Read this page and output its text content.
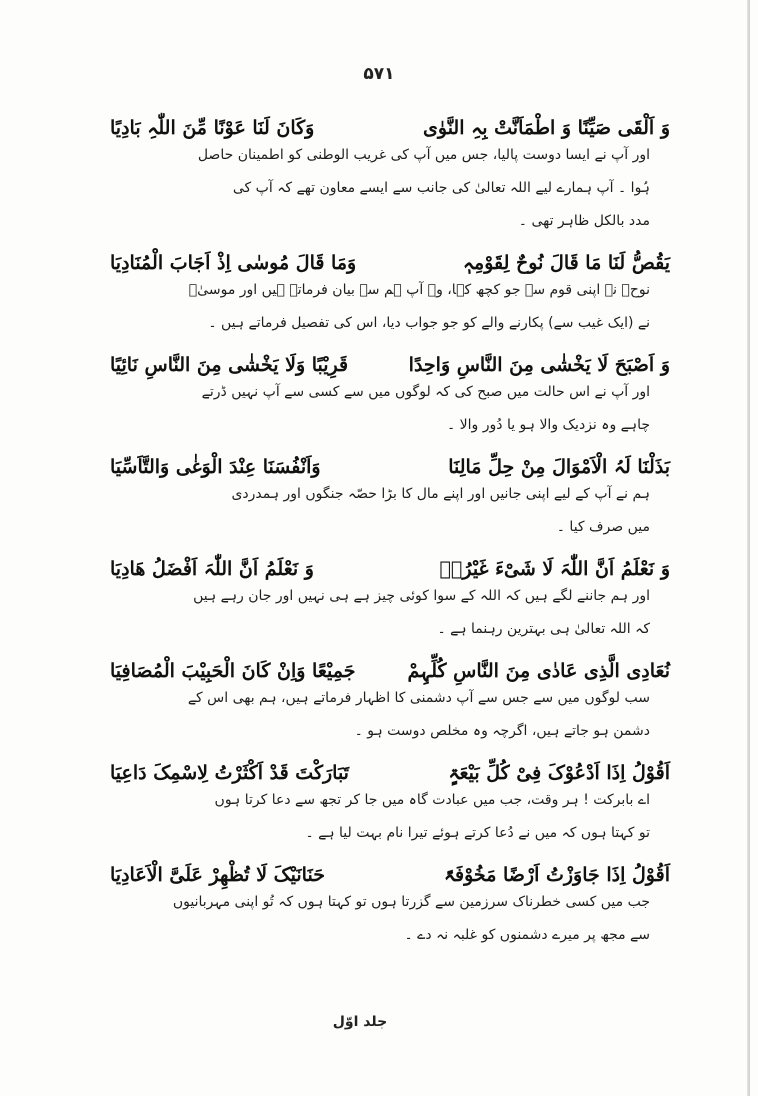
۵۷۱
وَ اَلْقَی صَیِّنًا وَ اطْمَاَنَّتْ بِہِ النَّوٰی
وَکَانَ لَنَا عَوْنًا مِّنَ اللّٰہِ بَادِیًا
اور آپ نے ایسا دوست پالیا، جس میں آپ کی غریب الوطنی کو اطمینان حاصل
ہُوا ۔ آپ ہمارے لیے اللہ تعالیٰ کی جانب سے ایسے معاون تھے کہ آپ کی
مدد بالکل ظاہر تھی ۔
یَقُصُّ لَنَا مَا قَالَ نُوحٌ لِقَوْمِہٖ
وَمَا قَالَ مُوسٰی اِذْ اَجَابَ الْمُنَادِیَا
نوحؑ نے اپنی قوم سے جو کچھ کہا، وہ آپ ہم سے بیان فرماتے ہیں اور موسیٰؑ
نے (ایک غیب سے) پکارنے والے کو جو جواب دیا، اس کی تفصیل فرماتے ہیں ۔
وَ اَصْبَحَ لَا یَخْشٰی مِنَ النَّاسِ وَاحِدًا
قَرِیْبًا وَلَا یَخْشٰی مِنَ النَّاسِ نَائِیًا
اور آپ نے اس حالت میں صبح کی کہ لوگوں میں سے کسی سے آپ نہیں ڈرتے
چاہے وہ نزدیک والا ہو یا دُور والا ۔
بَذَلْنَا لَہُ الْاَمْوَالَ مِنْ حِلِّ مَالِنَا
وَاَنْفُسَنَا عِنْدَ الْوَغٰی وَالتَّاَسِّیَا
ہم نے آپ کے لیے اپنی جانیں اور اپنے مال کا بڑا حصّہ جنگوں اور ہمدردی
میں صرف کیا ۔
وَ نَعْلَمُ اَنَّ اللّٰہَ لَا شَیْءَ غَیْرُہٗ
وَ نَعْلَمُ اَنَّ اللّٰہَ اَفْضَلُ ھَادِیَا
اور ہم جاننے لگے ہیں کہ اللہ کے سوا کوئی چیز ہے ہی نہیں اور جان رہے ہیں
کہ اللہ تعالیٰ ہی بہترین رہنما ہے ۔
نُعَادِی الَّذِی عَادٰی مِنَ النَّاسِ کُلِّہِمْ
جَمِیْعًا وَاِنْ کَانَ الْحَبِیْبَ الْمُصَافِیَا
سب لوگوں میں سے جس سے آپ دشمنی کا اظہار فرماتے ہیں، ہم بھی اس کے
دشمن ہو جاتے ہیں، اگرچہ وہ مخلص دوست ہو ۔
اَقُوْلُ اِذَا اَدْعُوْکَ فِیْ کُلِّ بَیْعَۃٍ
تَبَارَکْتَ قَدْ اَکْثَرْتُ لِاسْمِکَ دَاعِیَا
اے بابرکت ! ہر وقت، جب میں عبادت گاہ میں جا کر تجھ سے دعا کرتا ہوں
تو کہتا ہوں کہ میں نے دُعا کرتے ہوئے تیرا نام بہت لیا ہے ۔
اَقُوْلُ اِذَا جَاوَزْتُ اَرْضًا مَخُوْفَۃً
حَنَانَیْکَ لَا تُظْھِرْ عَلَیَّ الْاَعَادِیَا
جب میں کسی خطرناک سرزمین سے گزرتا ہوں تو کہتا ہوں کہ تُو اپنی مہربانیوں
سے مجھ پر میرے دشمنوں کو غلبہ نہ دے ۔
جلد اوّل
